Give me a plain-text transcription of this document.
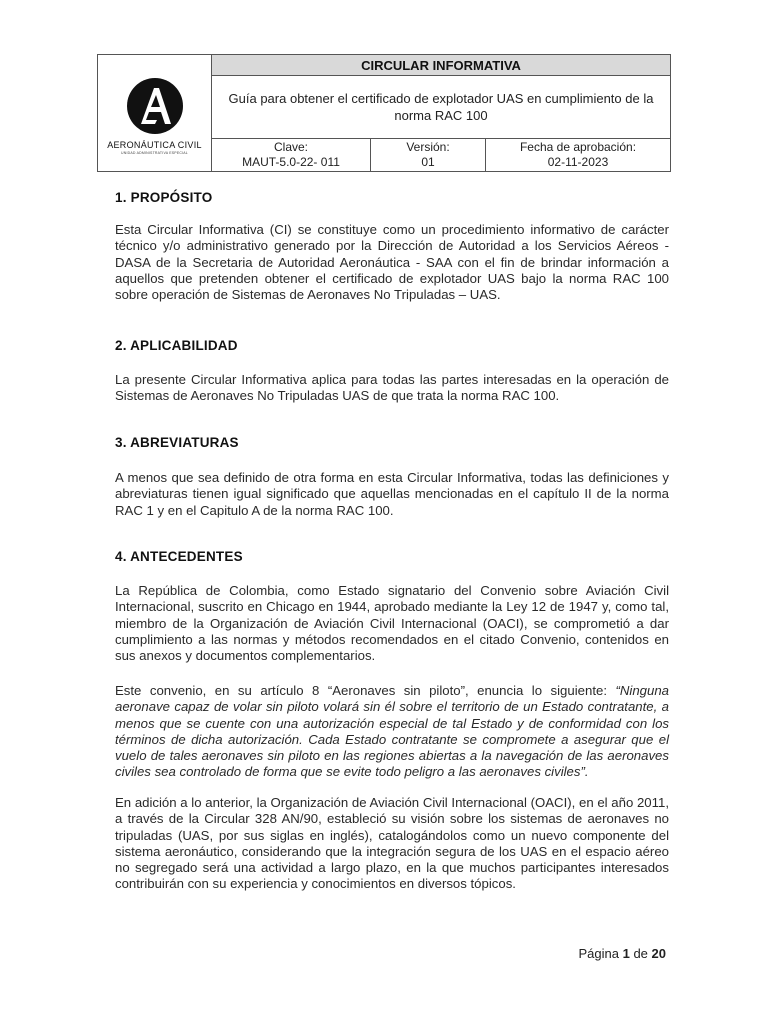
AERONÁUTICA CIVIL
UNIDAD ADMINISTRATIVA ESPECIAL
CIRCULAR INFORMATIVA
Guía para obtener el certificado de explotador UAS en cumplimiento de la norma RAC 100
Clave:
MAUT-5.0-22- 011
Versión:
01
Fecha de aprobación:
02-11-2023
1. PROPÓSITO
Esta Circular Informativa (CI) se constituye como un procedimiento informativo de carácter técnico y/o administrativo generado por la Dirección de Autoridad a los Servicios Aéreos - DASA de la Secretaria de Autoridad Aeronáutica - SAA con el fin de brindar información a aquellos que pretenden obtener el certificado de explotador UAS bajo la norma RAC 100 sobre operación de Sistemas de Aeronaves No Tripuladas – UAS.
2. APLICABILIDAD
La presente Circular Informativa aplica para todas las partes interesadas en la operación de Sistemas de Aeronaves No Tripuladas UAS de que trata la norma RAC 100.
3. ABREVIATURAS
A menos que sea definido de otra forma en esta Circular Informativa, todas las definiciones y abreviaturas tienen igual significado que aquellas mencionadas en el capítulo II de la norma RAC 1 y en el Capitulo A de la norma RAC 100.
4. ANTECEDENTES
La República de Colombia, como Estado signatario del Convenio sobre Aviación Civil Internacional, suscrito en Chicago en 1944, aprobado mediante la Ley 12 de 1947 y, como tal, miembro de la Organización de Aviación Civil Internacional (OACI), se comprometió a dar cumplimiento a las normas y métodos recomendados en el citado Convenio, contenidos en sus anexos y documentos complementarios.
Este convenio, en su artículo 8 “Aeronaves sin piloto”, enuncia lo siguiente: “Ninguna aeronave capaz de volar sin piloto volará sin él sobre el territorio de un Estado contratante, a menos que se cuente con una autorización especial de tal Estado y de conformidad con los términos de dicha autorización. Cada Estado contratante se compromete a asegurar que el vuelo de tales aeronaves sin piloto en las regiones abiertas a la navegación de las aeronaves civiles sea controlado de forma que se evite todo peligro a las aeronaves civiles”.
En adición a lo anterior, la Organización de Aviación Civil Internacional (OACI), en el año 2011, a través de la Circular 328 AN/90, estableció su visión sobre los sistemas de aeronaves no tripuladas (UAS, por sus siglas en inglés), catalogándolos como un nuevo componente del sistema aeronáutico, considerando que la integración segura de los UAS en el espacio aéreo no segregado será una actividad a largo plazo, en la que muchos participantes interesados contribuirán con su experiencia y conocimientos en diversos tópicos.
Página 1 de 20
